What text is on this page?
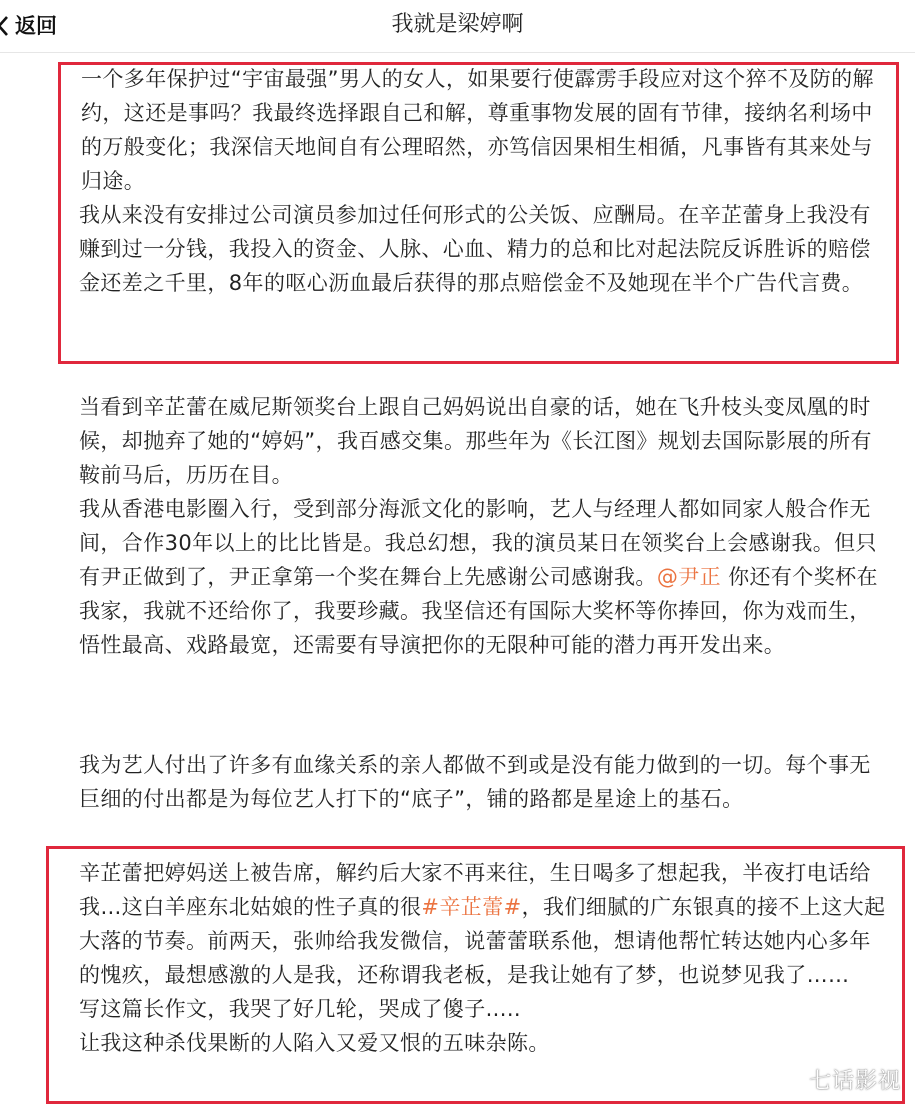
返回	我就是梁婷啊

一个多年保护过“宇宙最强”男人的女人，如果要行使霹雳手段应对这个猝不及防的解约，这还是事吗？我最终选择跟自己和解，尊重事物发展的固有节律，接纳名利场中的万般变化；我深信天地间自有公理昭然，亦笃信因果相生相循，凡事皆有其来处与归途。

我从来没有安排过公司演员参加过任何形式的公关饭、应酬局。在辛芷蕾身上我没有赚到过一分钱，我投入的资金、人脉、心血、精力的总和比对起法院反诉胜诉的赔偿金还差之千里，8年的呕心沥血最后获得的那点赔偿金不及她现在半个广告代言费。

当看到辛芷蕾在威尼斯领奖台上跟自己妈妈说出自豪的话，她在飞升枝头变凤凰的时候，却抛弃了她的“婷妈”，我百感交集。那些年为《长江图》规划去国际影展的所有鞍前马后，历历在目。

我从香港电影圈入行，受到部分海派文化的影响，艺人与经理人都如同家人般合作无间，合作30年以上的比比皆是。我总幻想，我的演员某日在领奖台上会感谢我。但只有尹正做到了，尹正拿第一个奖在舞台上先感谢公司感谢我。@尹正 你还有个奖杯在我家，我就不还给你了，我要珍藏。我坚信还有国际大奖杯等你捧回，你为戏而生，悟性最高、戏路最宽，还需要有导演把你的无限种可能的潜力再开发出来。

我为艺人付出了许多有血缘关系的亲人都做不到或是没有能力做到的一切。每个事无巨细的付出都是为每位艺人打下的“底子”，铺的路都是星途上的基石。

辛芷蕾把婷妈送上被告席，解约后大家不再来往，生日喝多了想起我，半夜打电话给我…这白羊座东北姑娘的性子真的很#辛芷蕾#，我们细腻的广东银真的接不上这大起大落的节奏。前两天，张帅给我发微信，说蕾蕾联系他，想请他帮忙转达她内心多年的愧疚，最想感激的人是我，还称谓我老板，是我让她有了梦，也说梦见我了……

写这篇长作文，我哭了好几轮，哭成了傻子.....

让我这种杀伐果断的人陷入又爱又恨的五味杂陈。

七话影视
